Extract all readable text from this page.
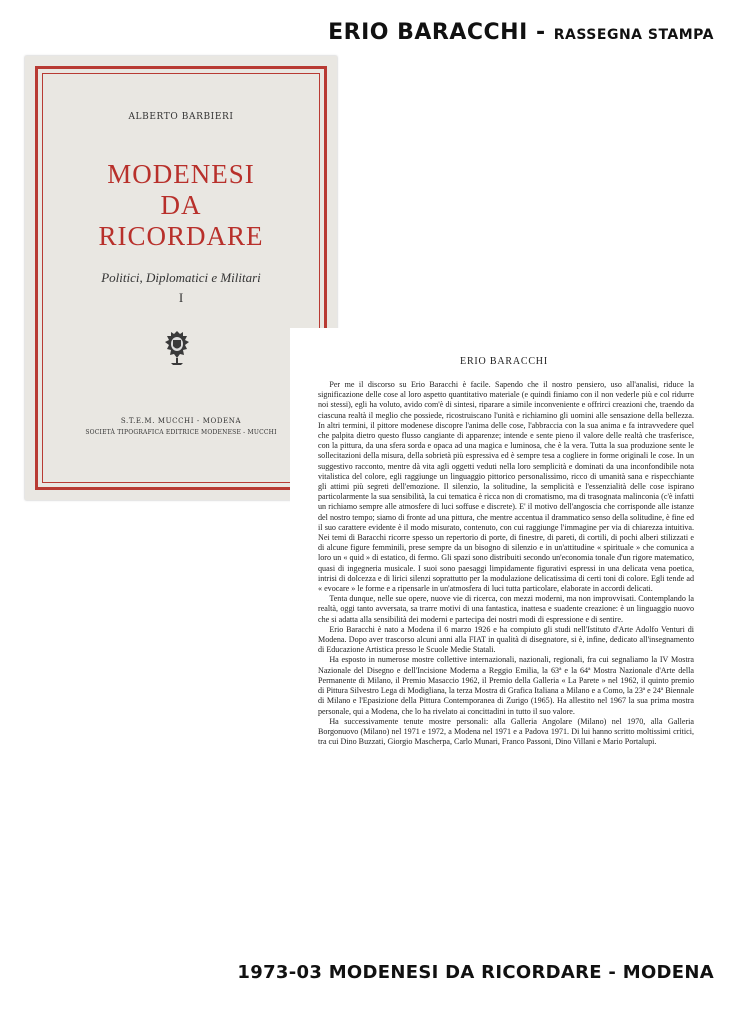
ERIO BARACCHI - RASSEGNA STAMPA
ALBERTO BARBIERI
MODENESI
DA
RICORDARE
Politici, Diplomatici e Militari
I
S.T.E.M. MUCCHI - MODENA
SOCIETÀ TIPOGRAFICA EDITRICE MODENESE - MUCCHI
ERIO BARACCHI

Per me il discorso su Erio Baracchi è facile. Sapendo che il nostro pensiero, uso all'analisi, riduce la significazione delle cose al loro aspetto quantitativo materiale (e quindi finiamo con il non vederle più e col ridurre noi stessi), egli ha voluto, avido com'è di sintesi, riparare a simile inconveniente e offrirci creazioni che, traendo da ciascuna realtà il meglio che possiede, ricostruiscano l'unità e richiamino gli uomini alle sensazione della bellezza. In altri termini, il pittore modenese discopre l'anima delle cose, l'abbraccia con la sua anima e fa intravvedere quel che palpita dietro questo flusso cangiante di apparenze; intende e sente pieno il valore delle realtà che trasferisce, con la pittura, da una sfera sorda e opaca ad una magica e luminosa, che è la vera. Tutta la sua produzione sente le sollecitazioni della misura, della sobrietà più espressiva ed è sempre tesa a cogliere in forme originali le cose. In un suggestivo racconto, mentre dà vita agli oggetti veduti nella loro semplicità e dominati da una inconfondibile nota vitalistica del colore, egli raggiunge un linguaggio pittorico personalissimo, ricco di umanità sana e rispecchiante gli attimi più segreti dell'emozione. Il silenzio, la solitudine, la semplicità e l'essenzialità delle cose ispirano particolarmente la sua sensibilità, la cui tematica è ricca non di cromatismo, ma di trasognata malinconia (c'è infatti un richiamo sempre alle atmosfere di luci soffuse e discrete). E' il motivo dell'angoscia che corrisponde alle istanze del nostro tempo; siamo di fronte ad una pittura, che mentre accentua il drammatico senso della solitudine, è fine ed il suo carattere evidente è il modo misurato, contenuto, con cui raggiunge l'immagine per via di chiarezza intuitiva. Nei temi di Baracchi ricorre spesso un repertorio di porte, di finestre, di pareti, di cortili, di pochi alberi stilizzati e di alcune figure femminili, prese sempre da un bisogno di silenzio e in un'attitudine « spirituale » che comunica a loro un « quid » di estatico, di fermo. Gli spazi sono distribuiti secondo un'economia tonale d'un rigore matematico, quasi di ingegneria musicale. I suoi sono paesaggi limpidamente figurativi espressi in una delicata vena poetica, intrisi di dolcezza e di lirici silenzi soprattutto per la modulazione delicatissima di certi toni di colore. Egli tende ad « evocare » le forme e a ripensarle in un'atmosfera di luci tutta particolare, elaborate in accordi delicati.

Tenta dunque, nelle sue opere, nuove vie di ricerca, con mezzi moderni, ma non improvvisati. Contemplando la realtà, oggi tanto avversata, sa trarre motivi di una fantastica, inattesa e suadente creazione: è un linguaggio nuovo che si adatta alla sensibilità dei moderni e partecipa dei nostri modi di espressione e di sentire.

Erio Baracchi è nato a Modena il 6 marzo 1926 e ha compiuto gli studi nell'Istituto d'Arte Adolfo Venturi di Modena. Dopo aver trascorso alcuni anni alla FIAT in qualità di disegnatore, si è, infine, dedicato all'insegnamento di Educazione Artistica presso le Scuole Medie Statali.

Ha esposto in numerose mostre collettive internazionali, nazionali, regionali, fra cui segnaliamo la IV Mostra Nazionale del Disegno e dell'Incisione Moderna a Reggio Emilia, la 63ª e la 64ª Mostra Nazionale d'Arte della Permanente di Milano, il Premio Masaccio 1962, il Premio della Galleria « La Parete » nel 1962, il quinto premio di Pittura Silvestro Lega di Modigliana, la terza Mostra di Grafica Italiana a Milano e a Como, la 23ª e 24ª Biennale di Milano e l'Epasizione della Pittura Contemporanea di Zurigo (1965). Ha allestito nel 1967 la sua prima mostra personale, qui a Modena, che lo ha rivelato ai concittadini in tutto il suo valore.

Ha successivamente tenute mostre personali: alla Galleria Angolare (Milano) nel 1970, alla Galleria Borgonuovo (Milano) nel 1971 e 1972, a Modena nel 1971 e a Padova 1971. Di lui hanno scritto moltissimi critici, tra cui Dino Buzzati, Giorgio Mascherpa, Carlo Munari, Franco Passoni, Dino Villani e Mario Portalupi.

1973-03 MODENESI DA RICORDARE - MODENA
